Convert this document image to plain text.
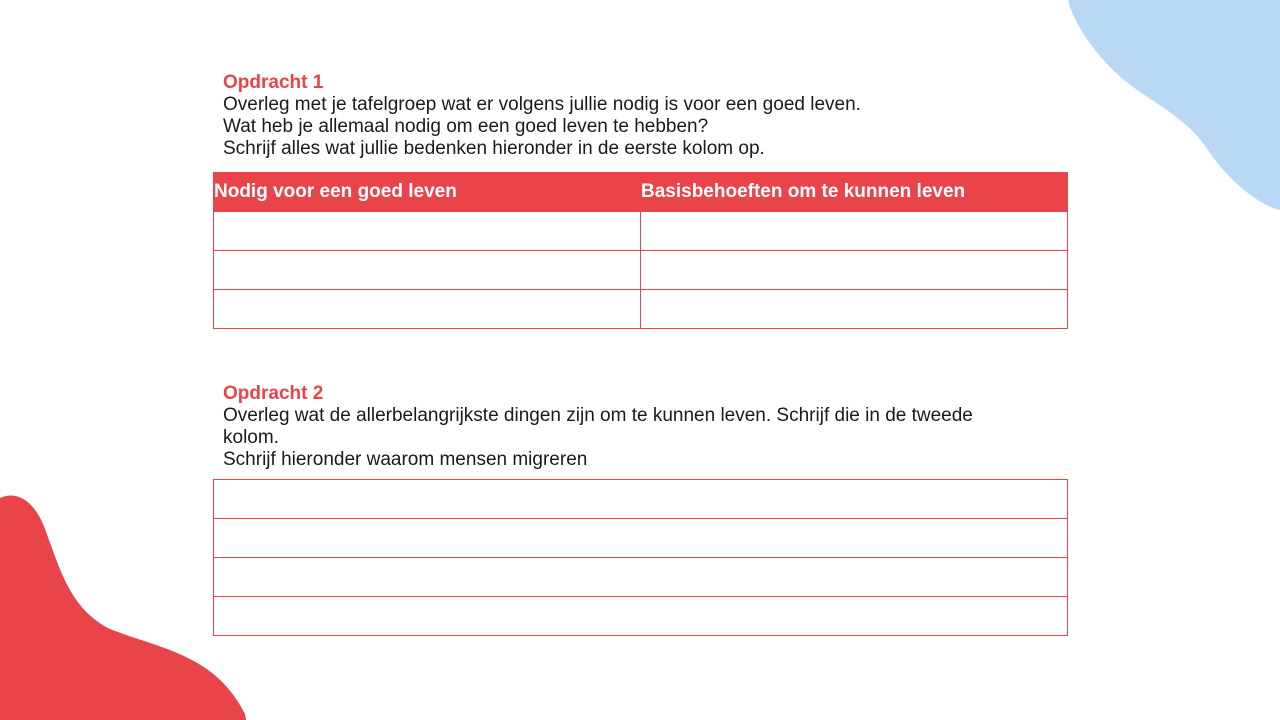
Opdracht 1

Overleg met je tafelgroep wat er volgens jullie nodig is voor een goed leven.

Wat heb je allemaal nodig om een goed leven te hebben?

Schrijf alles wat jullie bedenken hieronder in de eerste kolom op.

Nodig voor een goed leven	Basisbehoeften om te kunnen leven

Opdracht 2

Overleg wat de allerbelangrijkste dingen zijn om te kunnen leven. Schrijf die in de tweede

kolom.

Schrijf hieronder waarom mensen migreren
